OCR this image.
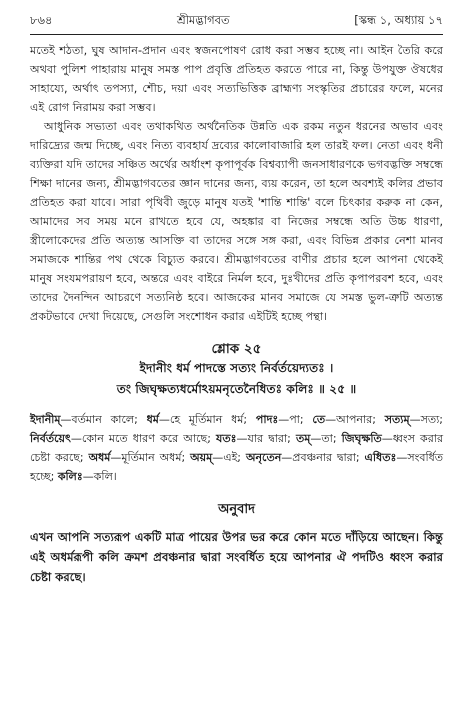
৮৬৪	শ্রীমদ্ভাগবত	[স্কন্ধ ১, অধ্যায় ১৭

মতেই শঠতা, ঘুষ আদান-প্রদান এবং স্বজনপোষণ রোধ করা সম্ভব হচ্ছে না। আইন তৈরি করে অথবা পুলিশ পাহারায় মানুষ সমস্ত পাপ প্রবৃত্তি প্রতিহত করতে পারে না, কিন্তু উপযুক্ত ঔষধের সাহায্যে, অর্থাৎ তপস্যা, শৌচ, দয়া এবং সত্যভিত্তিক ব্রাহ্মণ্য সংস্কৃতির প্রচারের ফলে, মনের এই রোগ নিরাময় করা সম্ভব।

আধুনিক সভ্যতা এবং তথাকথিত অর্থনৈতিক উন্নতি এক রকম নতুন ধরনের অভাব এবং দারিদ্র্যের জন্ম দিচ্ছে, এবং নিত্য ব্যবহার্য দ্রব্যের কালোবাজারি হল তারই ফল। নেতা এবং ধনী ব্যক্তিরা যদি তাদের সঞ্চিত অর্থের অর্ধাংশ কৃপাপূর্বক বিশ্বব্যাপী জনসাধারণকে ভগবদ্ভক্তি সম্বন্ধে শিক্ষা দানের জন্য, শ্রীমদ্ভাগবতের জ্ঞান দানের জন্য, ব্যয় করেন, তা হলে অবশ্যই কলির প্রভাব প্রতিহত করা যাবে। সারা পৃথিবী জুড়ে মানুষ যতই 'শান্তি শান্তি' বলে চিৎকার করুক না কেন, আমাদের সব সময় মনে রাখতে হবে যে, অহঙ্কার বা নিজের সম্বন্ধে অতি উচ্চ ধারণা, স্ত্রীলোকেদের প্রতি অত্যন্ত আসক্তি বা তাদের সঙ্গে সঙ্গ করা, এবং বিভিন্ন প্রকার নেশা মানব সমাজকে শান্তির পথ থেকে বিচ্যুত করবে। শ্রীমদ্ভাগবতের বাণীর প্রচার হলে আপনা থেকেই মানুষ সংযমপরায়ণ হবে, অন্তরে এবং বাইরে নির্মল হবে, দুঃখীদের প্রতি কৃপাপরবশ হবে, এবং তাদের দৈনন্দিন আচরণে সত্যনিষ্ঠ হবে। আজকের মানব সমাজে যে সমস্ত ভুল-ত্রুটি অত্যন্ত প্রকটভাবে দেখা দিয়েছে, সেগুলি সংশোধন করার এইটিই হচ্ছে পন্থা।

শ্লোক ২৫
ইদানীং ধর্ম পাদস্তে সত্যং নির্বর্তয়েদ্যতঃ ।
তং জিঘৃক্ষত্যধর্মোঽয়মনৃতেনৈধিতঃ কলিঃ ॥ ২৫ ॥
ইদানীম্—বর্তমান কালে; ধর্ম—হে মূর্তিমান ধর্ম; পাদঃ—পা; তে—আপনার; সত্যম্—সত্য; নির্বর্তয়েৎ—কোন মতে ধারণ করে আছে; যতঃ—যার দ্বারা; তম্—তা; জিঘৃক্ষতি—ধ্বংস করার চেষ্টা করছে; অধর্ম—মূর্তিমান অধর্ম; অয়ম্—এই; অনৃতেন—প্রবঞ্চনার দ্বারা; এধিতঃ—সংবর্ধিত হচ্ছে; কলিঃ—কলি।
অনুবাদ
এখন আপনি সত্যরূপ একটি মাত্র পায়ের উপর ভর করে কোন মতে দাঁড়িয়ে আছেন। কিন্তু এই অধর্মরূপী কলি ক্রমশ প্রবঞ্চনার দ্বারা সংবর্ধিত হয়ে আপনার ঐ পদটিও ধ্বংস করার চেষ্টা করছে।
